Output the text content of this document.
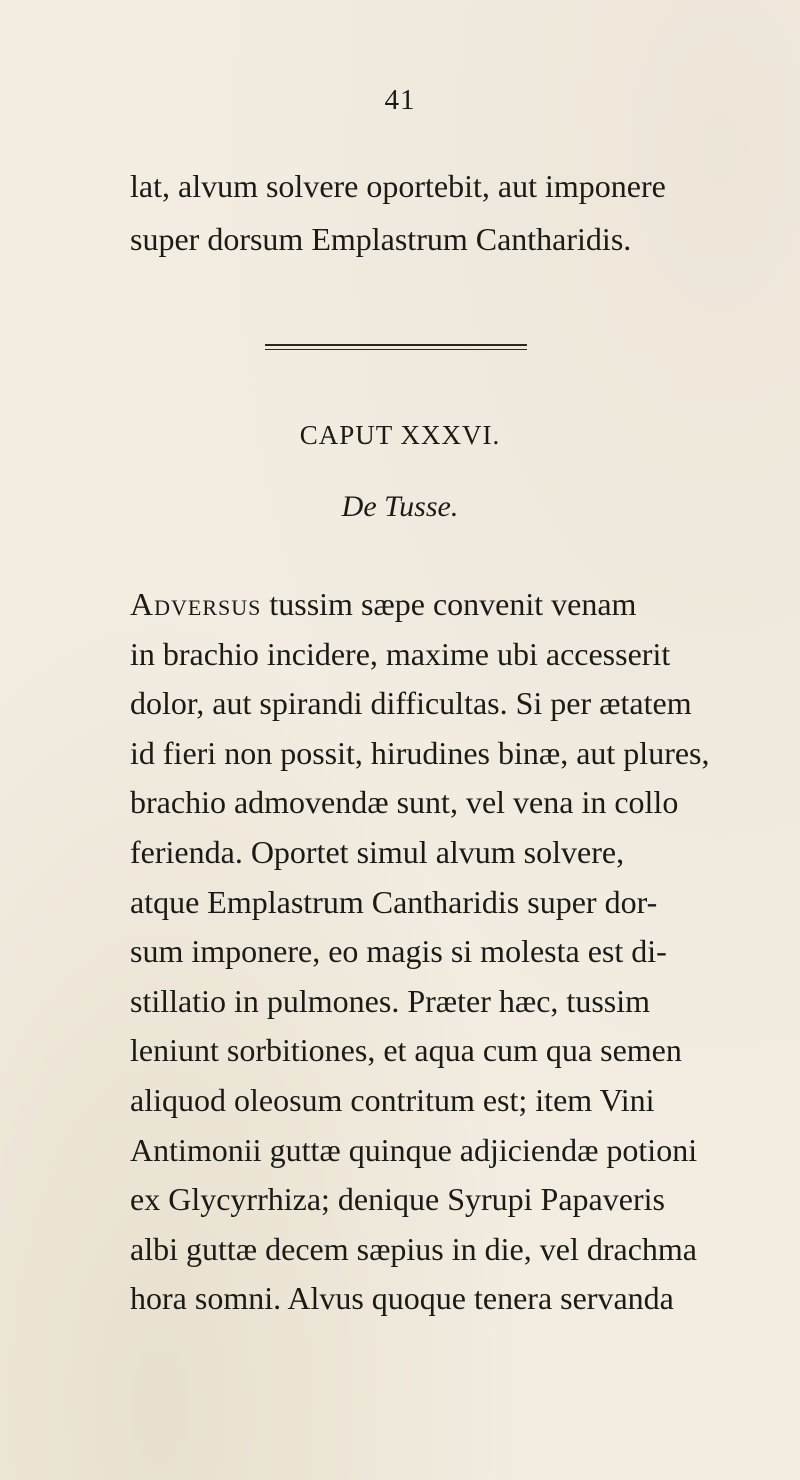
41
lat, alvum solvere oportebit, aut imponere
super dorsum Emplastrum Cantharidis.
CAPUT XXXVI.
De Tusse.
Adversus tussim sæpe convenit venam
in brachio incidere, maxime ubi accesserit
dolor, aut spirandi difficultas. Si per ætatem
id fieri non possit, hirudines binæ, aut plures,
brachio admovendæ sunt, vel vena in collo
ferienda. Oportet simul alvum solvere,
atque Emplastrum Cantharidis super dor-
sum imponere, eo magis si molesta est di-
stillatio in pulmones. Præter hæc, tussim
leniunt sorbitiones, et aqua cum qua semen
aliquod oleosum contritum est; item Vini
Antimonii guttæ quinque adjiciendæ potioni
ex Glycyrrhiza; denique Syrupi Papaveris
albi guttæ decem sæpius in die, vel drachma
hora somni. Alvus quoque tenera servanda
